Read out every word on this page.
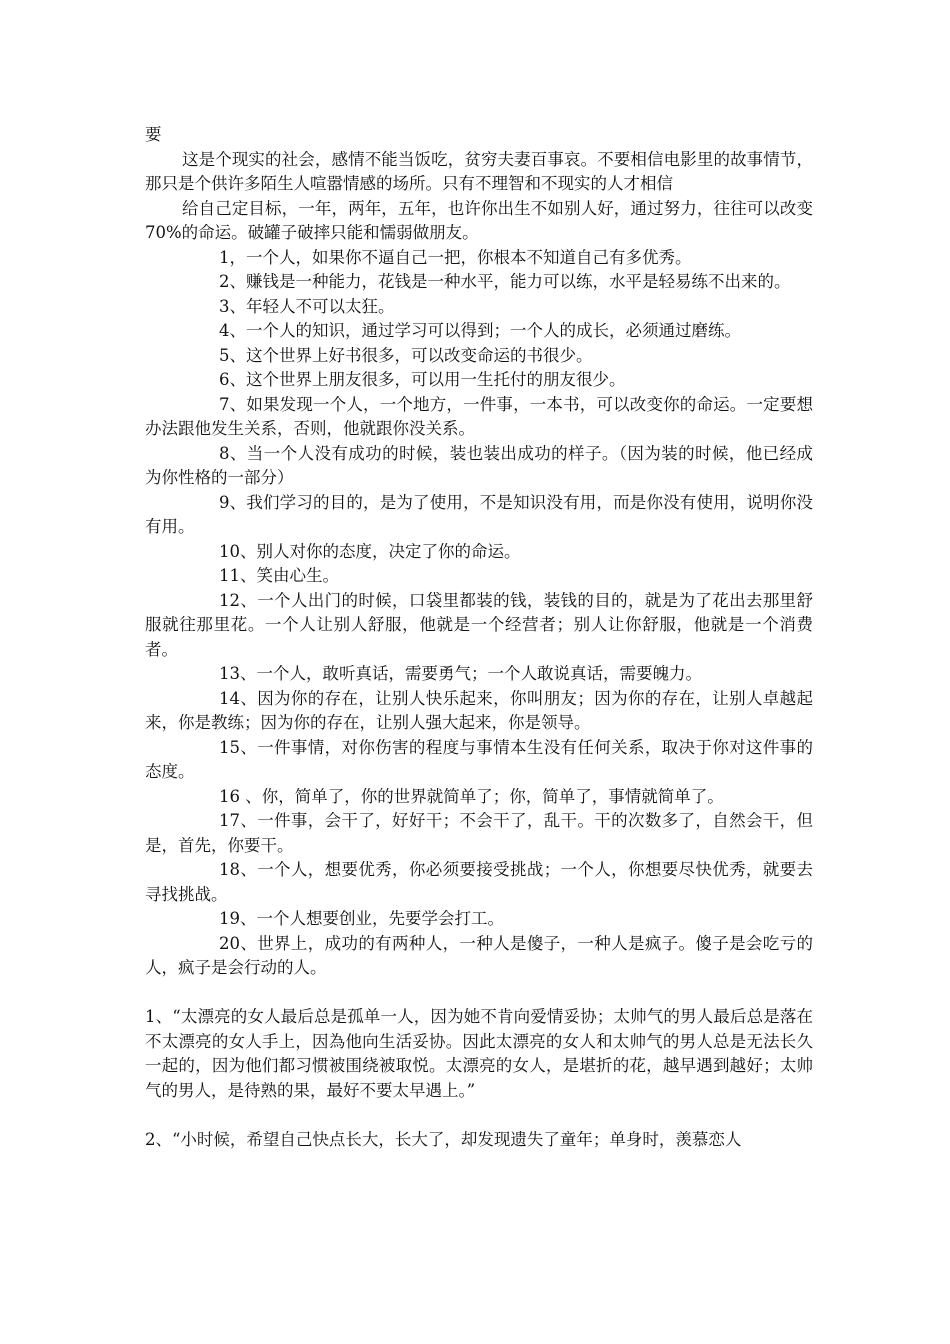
要

这是个现实的社会，感情不能当饭吃，贫穷夫妻百事哀。不要相信电影里的故事情节，那只是个供许多陌生人喧嚣情感的场所。只有不理智和不现实的人才相信

给自己定目标，一年，两年，五年，也许你出生不如别人好，通过努力，往往可以改变70%的命运。破罐子破摔只能和懦弱做朋友。

1，一个人，如果你不逼自己一把，你根本不知道自己有多优秀。

2、赚钱是一种能力，花钱是一种水平，能力可以练，水平是轻易练不出来的。

3、年轻人不可以太狂。

4、一个人的知识，通过学习可以得到；一个人的成长，必须通过磨练。

5、这个世界上好书很多，可以改变命运的书很少。

6、这个世界上朋友很多，可以用一生托付的朋友很少。

7、如果发现一个人，一个地方，一件事，一本书，可以改变你的命运。一定要想办法跟他发生关系，否则，他就跟你没关系。

8、当一个人没有成功的时候，装也装出成功的样子。（因为装的时候，他已经成为你性格的一部分）

9、我们学习的目的，是为了使用，不是知识没有用，而是你没有使用，说明你没有用。

10、别人对你的态度，决定了你的命运。

11、笑由心生。

12、一个人出门的时候，口袋里都装的钱，装钱的目的，就是为了花出去那里舒服就往那里花。一个人让别人舒服，他就是一个经营者；别人让你舒服，他就是一个消费者。

13、一个人，敢听真话，需要勇气；一个人敢说真话，需要魄力。

14、因为你的存在，让别人快乐起来，你叫朋友；因为你的存在，让别人卓越起来，你是教练；因为你的存在，让别人强大起来，你是领导。

15、一件事情，对你伤害的程度与事情本生没有任何关系，取决于你对这件事的态度。

16 、你，简单了，你的世界就简单了；你，简单了，事情就简单了。

17、一件事，会干了，好好干；不会干了，乱干。干的次数多了，自然会干，但是，首先，你要干。

18、一个人，想要优秀，你必须要接受挑战；一个人，你想要尽快优秀，就要去寻找挑战。

19、一个人想要创业，先要学会打工。

20、世界上，成功的有两种人，一种人是傻子，一种人是疯子。傻子是会吃亏的人，疯子是会行动的人。

1、“太漂亮的女人最后总是孤单一人，因为她不肯向爱情妥协；太帅气的男人最后总是落在不太漂亮的女人手上，因為他向生活妥协。因此太漂亮的女人和太帅气的男人总是无法长久一起的，因为他们都习惯被围绕被取悦。太漂亮的女人，是堪折的花，越早遇到越好；太帅气的男人，是待熟的果，最好不要太早遇上。”

2、“小时候，希望自己快点长大，长大了，却发现遗失了童年；单身时，羡慕恋人
